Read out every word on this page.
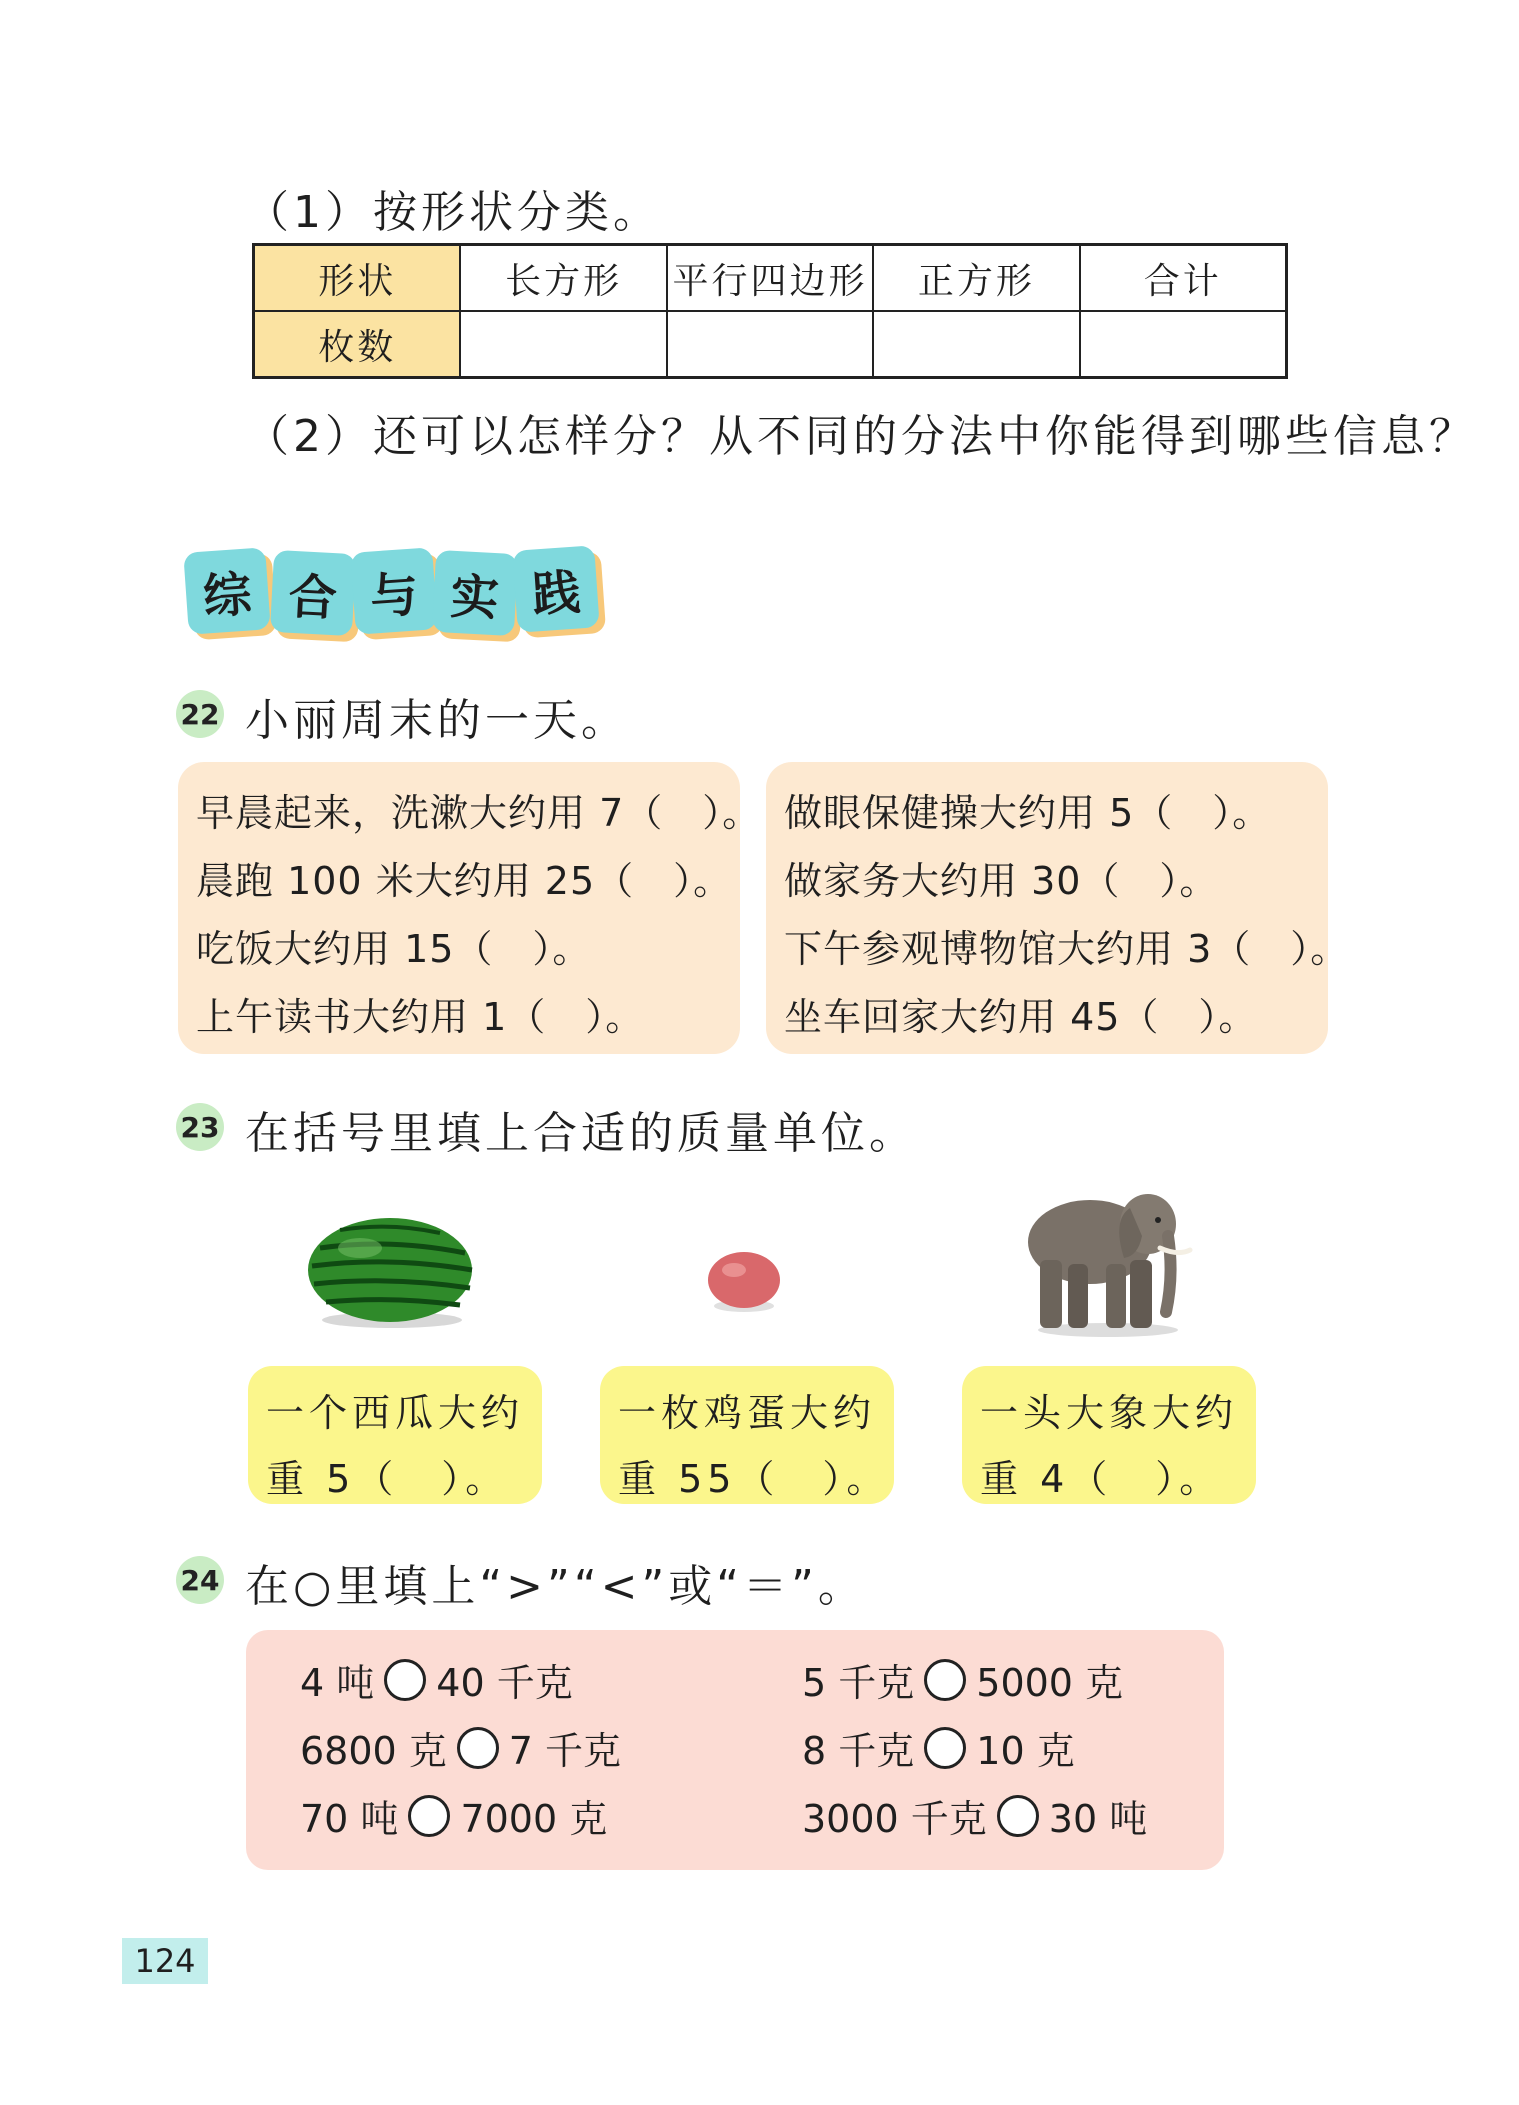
（1）按形状分类。
形状	长方形	平行四边形	正方形	合计
枚数				
（2）还可以怎样分？从不同的分法中你能得到哪些信息？
综 合 与 实 践
22 小丽周末的一天。
早晨起来，洗漱大约用 7（　）。
晨跑 100 米大约用 25（　）。
吃饭大约用 15（　）。
上午读书大约用 1（　）。
做眼保健操大约用 5（　）。
做家务大约用 30（　）。
下午参观博物馆大约用 3（　）。
坐车回家大约用 45（　）。
23 在括号里填上合适的质量单位。
一个西瓜大约
重 5（　）。
一枚鸡蛋大约
重 55（　）。
一头大象大约
重 4（　）。
24 在○里填上“>”“<”或“＝”。
4 吨 40 千克	5 千克 5000 克
6800 克 7 千克	8 千克 10 克
70 吨 7000 克	3000 千克 30 吨
124
